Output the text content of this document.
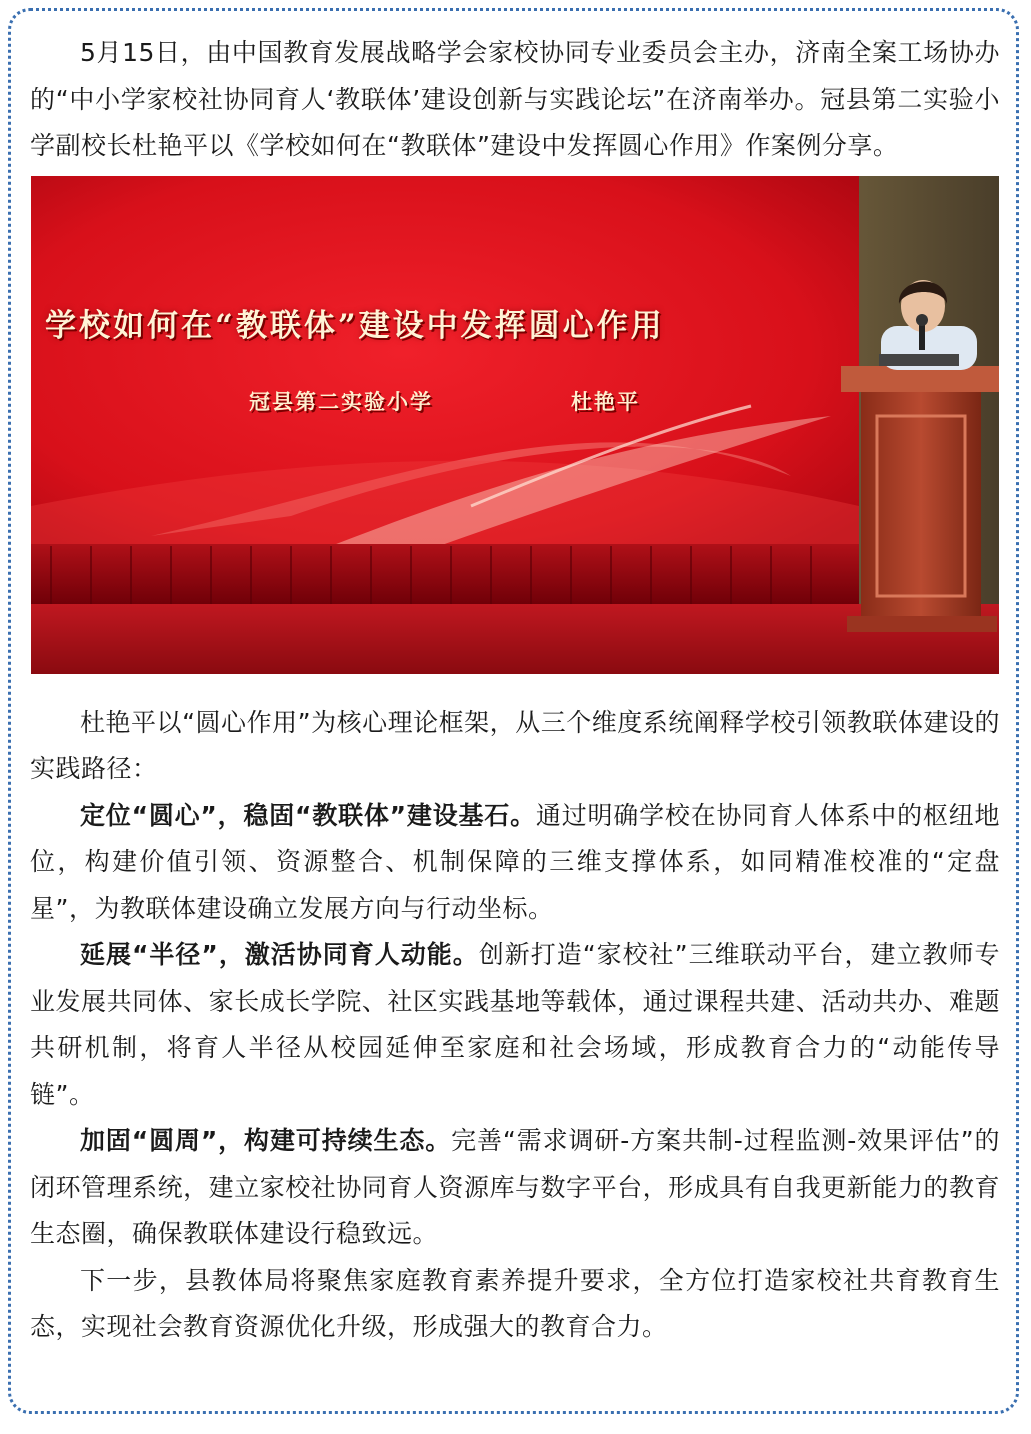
5月15日，由中国教育发展战略学会家校协同专业委员会主办，济南全案工场协办的“中小学家校社协同育人‘教联体’建设创新与实践论坛”在济南举办。冠县第二实验小学副校长杜艳平以《学校如何在“教联体”建设中发挥圆心作用》作案例分享。

学校如何在“教联体”建设中发挥圆心作用
冠县第二实验小学	杜艳平

杜艳平以“圆心作用”为核心理论框架，从三个维度系统阐释学校引领教联体建设的实践路径：

定位“圆心”，稳固“教联体”建设基石。通过明确学校在协同育人体系中的枢纽地位，构建价值引领、资源整合、机制保障的三维支撑体系，如同精准校准的“定盘星”，为教联体建设确立发展方向与行动坐标。

延展“半径”，激活协同育人动能。创新打造“家校社”三维联动平台，建立教师专业发展共同体、家长成长学院、社区实践基地等载体，通过课程共建、活动共办、难题共研机制，将育人半径从校园延伸至家庭和社会场域，形成教育合力的“动能传导链”。

加固“圆周”，构建可持续生态。完善“需求调研-方案共制-过程监测-效果评估”的闭环管理系统，建立家校社协同育人资源库与数字平台，形成具有自我更新能力的教育生态圈，确保教联体建设行稳致远。

下一步，县教体局将聚焦家庭教育素养提升要求，全方位打造家校社共育教育生态，实现社会教育资源优化升级，形成强大的教育合力。
